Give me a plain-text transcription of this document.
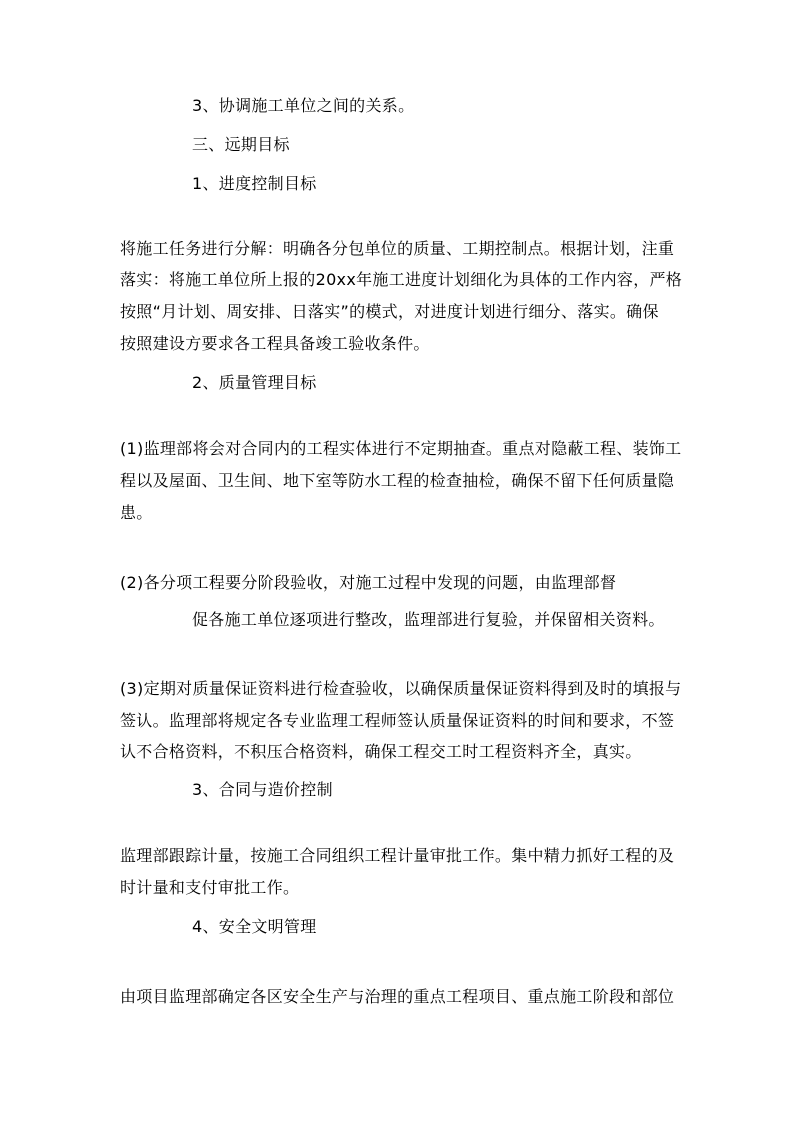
3、协调施工单位之间的关系。
三、远期目标
1、进度控制目标
将施工任务进行分解：明确各分包单位的质量、工期控制点。根据计划，注重
落实：将施工单位所上报的20xx年施工进度计划细化为具体的工作内容，严格
按照“月计划、周安排、日落实”的模式，对进度计划进行细分、落实。确保
按照建设方要求各工程具备竣工验收条件。
2、质量管理目标
(1)监理部将会对合同内的工程实体进行不定期抽查。重点对隐蔽工程、装饰工
程以及屋面、卫生间、地下室等防水工程的检查抽检，确保不留下任何质量隐
患。
(2)各分项工程要分阶段验收，对施工过程中发现的问题，由监理部督
促各施工单位逐项进行整改，监理部进行复验，并保留相关资料。
(3)定期对质量保证资料进行检查验收，以确保质量保证资料得到及时的填报与
签认。监理部将规定各专业监理工程师签认质量保证资料的时间和要求，不签
认不合格资料，不积压合格资料，确保工程交工时工程资料齐全，真实。
3、合同与造价控制
监理部跟踪计量，按施工合同组织工程计量审批工作。集中精力抓好工程的及
时计量和支付审批工作。
4、安全文明管理
由项目监理部确定各区安全生产与治理的重点工程项目、重点施工阶段和部位
